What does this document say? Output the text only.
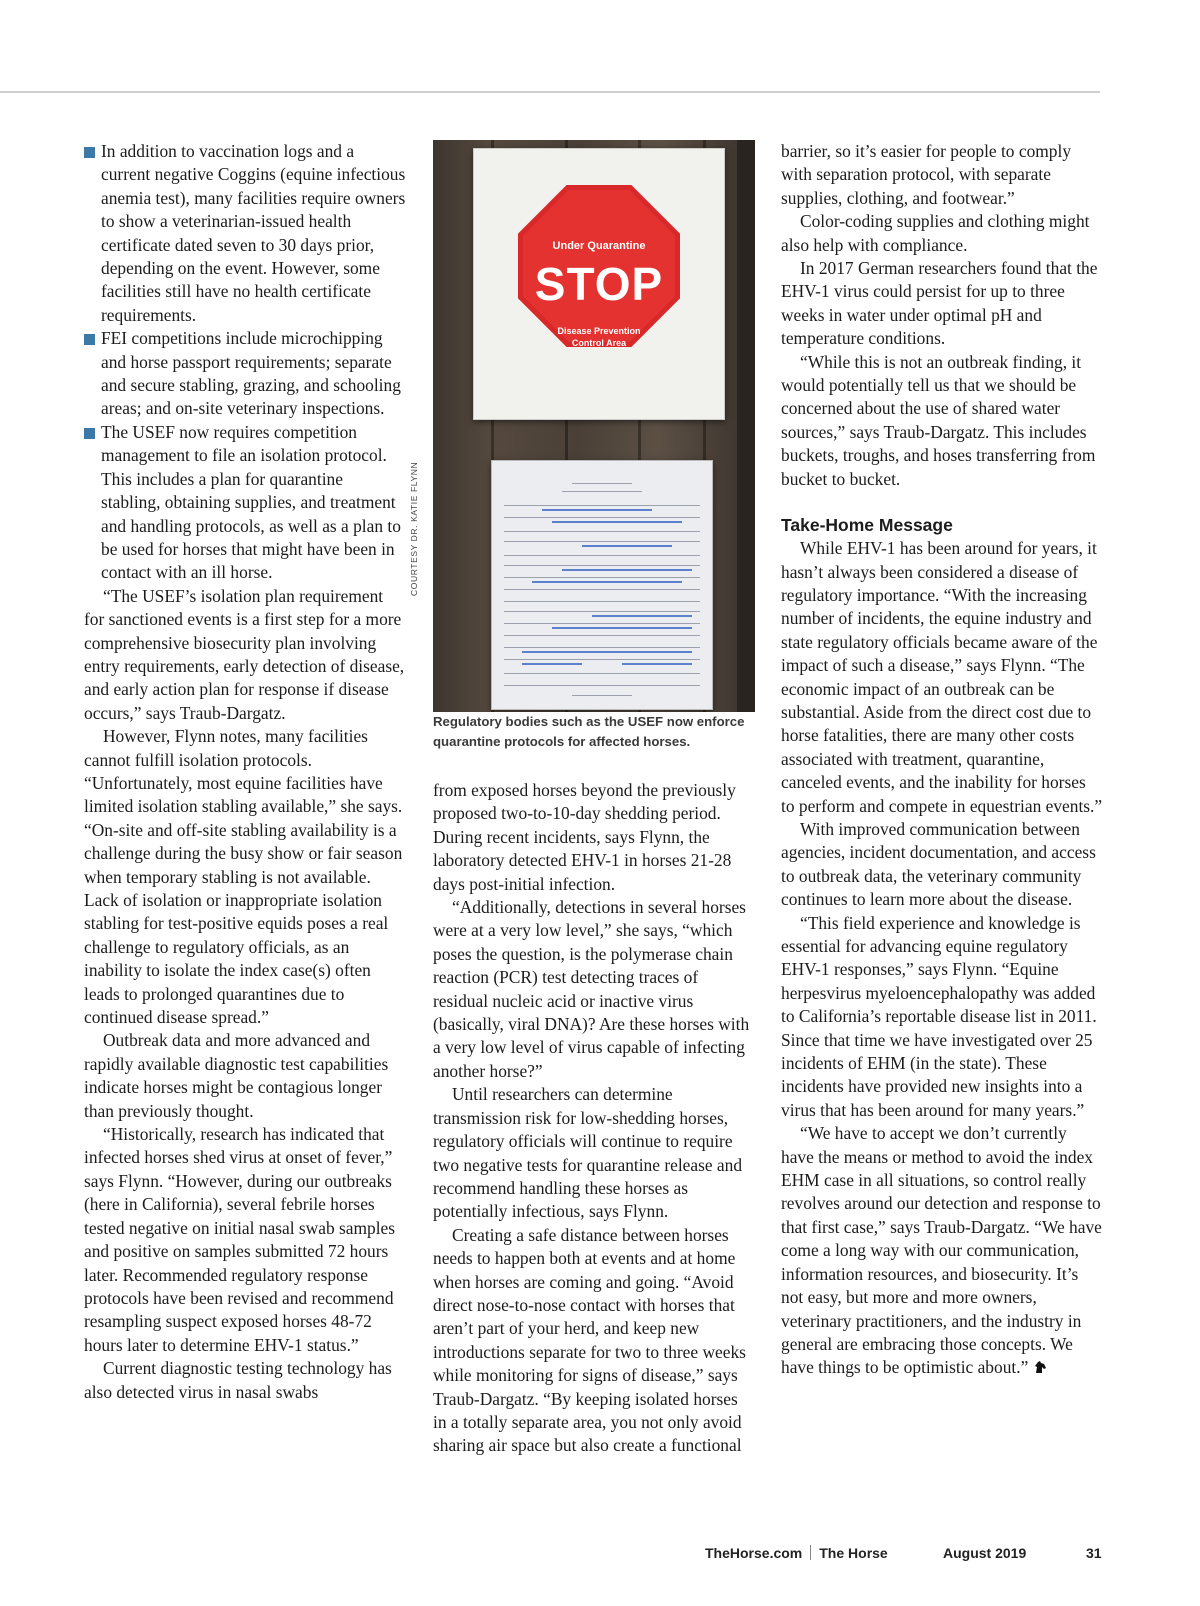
In addition to vaccination logs and a current negative Coggins (equine infectious anemia test), many facilities require owners to show a veterinarian-issued health certificate dated seven to 30 days prior, depending on the event. However, some facilities still have no health certificate requirements.
FEI competitions include microchipping and horse passport requirements; separate and secure stabling, grazing, and schooling areas; and on-site veterinary inspections.
The USEF now requires competition management to file an isolation protocol. This includes a plan for quarantine stabling, obtaining supplies, and treatment and handling protocols, as well as a plan to be used for horses that might have been in contact with an ill horse.

“The USEF’s isolation plan requirement for sanctioned events is a first step for a more comprehensive biosecurity plan involving entry requirements, early detection of disease, and early action plan for response if disease occurs,” says Traub-Dargatz.

However, Flynn notes, many facilities cannot fulfill isolation protocols. “Unfortunately, most equine facilities have limited isolation stabling available,” she says. “On-site and off-site stabling availability is a challenge during the busy show or fair season when temporary stabling is not available. Lack of isolation or inappropriate isolation stabling for test-positive equids poses a real challenge to regulatory officials, as an inability to isolate the index case(s) often leads to prolonged quarantines due to continued disease spread.”

Outbreak data and more advanced and rapidly available diagnostic test capabilities indicate horses might be contagious longer than previously thought.

“Historically, research has indicated that infected horses shed virus at onset of fever,” says Flynn. “However, during our outbreaks (here in California), several febrile horses tested negative on initial nasal swab samples and positive on samples submitted 72 hours later. Recommended regulatory response protocols have been revised and recommend resampling suspect exposed horses 48-72 hours later to determine EHV-1 status.”

Current diagnostic testing technology has also detected virus in nasal swabs

COURTESY DR. KATIE FLYNN
Under Quarantine
STOP
Disease Prevention
Control Area

Regulatory bodies such as the USEF now enforce quarantine protocols for affected horses.

from exposed horses beyond the previously proposed two-to-10-day shedding period. During recent incidents, says Flynn, the laboratory detected EHV-1 in horses 21-28 days post-initial infection.

“Additionally, detections in several horses were at a very low level,” she says, “which poses the question, is the polymerase chain reaction (PCR) test detecting traces of residual nucleic acid or inactive virus (basically, viral DNA)? Are these horses with a very low level of virus capable of infecting another horse?”

Until researchers can determine transmission risk for low-shedding horses, regulatory officials will continue to require two negative tests for quarantine release and recommend handling these horses as potentially infectious, says Flynn.

Creating a safe distance between horses needs to happen both at events and at home when horses are coming and going. “Avoid direct nose-to-nose contact with horses that aren’t part of your herd, and keep new introductions separate for two to three weeks while monitoring for signs of disease,” says Traub-Dargatz. “By keeping isolated horses in a totally separate area, you not only avoid sharing air space but also create a functional

barrier, so it’s easier for people to comply with separation protocol, with separate supplies, clothing, and footwear.”

Color-coding supplies and clothing might also help with compliance.

In 2017 German researchers found that the EHV-1 virus could persist for up to three weeks in water under optimal pH and temperature conditions.

“While this is not an outbreak finding, it would potentially tell us that we should be concerned about the use of shared water sources,” says Traub-Dargatz. This includes buckets, troughs, and hoses transferring from bucket to bucket.

Take-Home Message

While EHV-1 has been around for years, it hasn’t always been considered a disease of regulatory importance. “With the increasing number of incidents, the equine industry and state regulatory officials became aware of the impact of such a disease,” says Flynn. “The economic impact of an outbreak can be substantial. Aside from the direct cost due to horse fatalities, there are many other costs associated with treatment, quarantine, canceled events, and the inability for horses to perform and compete in equestrian events.”

With improved communication between agencies, incident documentation, and access to outbreak data, the veterinary community continues to learn more about the disease.

“This field experience and knowledge is essential for advancing equine regulatory EHV-1 responses,” says Flynn. “Equine herpesvirus myeloencephalopathy was added to California’s reportable disease list in 2011. Since that time we have investigated over 25 incidents of EHM (in the state). These incidents have provided new insights into a virus that has been around for many years.”

“We have to accept we don’t currently have the means or method to avoid the index EHM case in all situations, so control really revolves around our detection and response to that first case,” says Traub-Dargatz. “We have come a long way with our communication, information resources, and biosecurity. It’s not easy, but more and more owners, veterinary practitioners, and the industry in general are embracing those concepts. We have things to be optimistic about.”

TheHorse.com The Horse	August 2019	31
